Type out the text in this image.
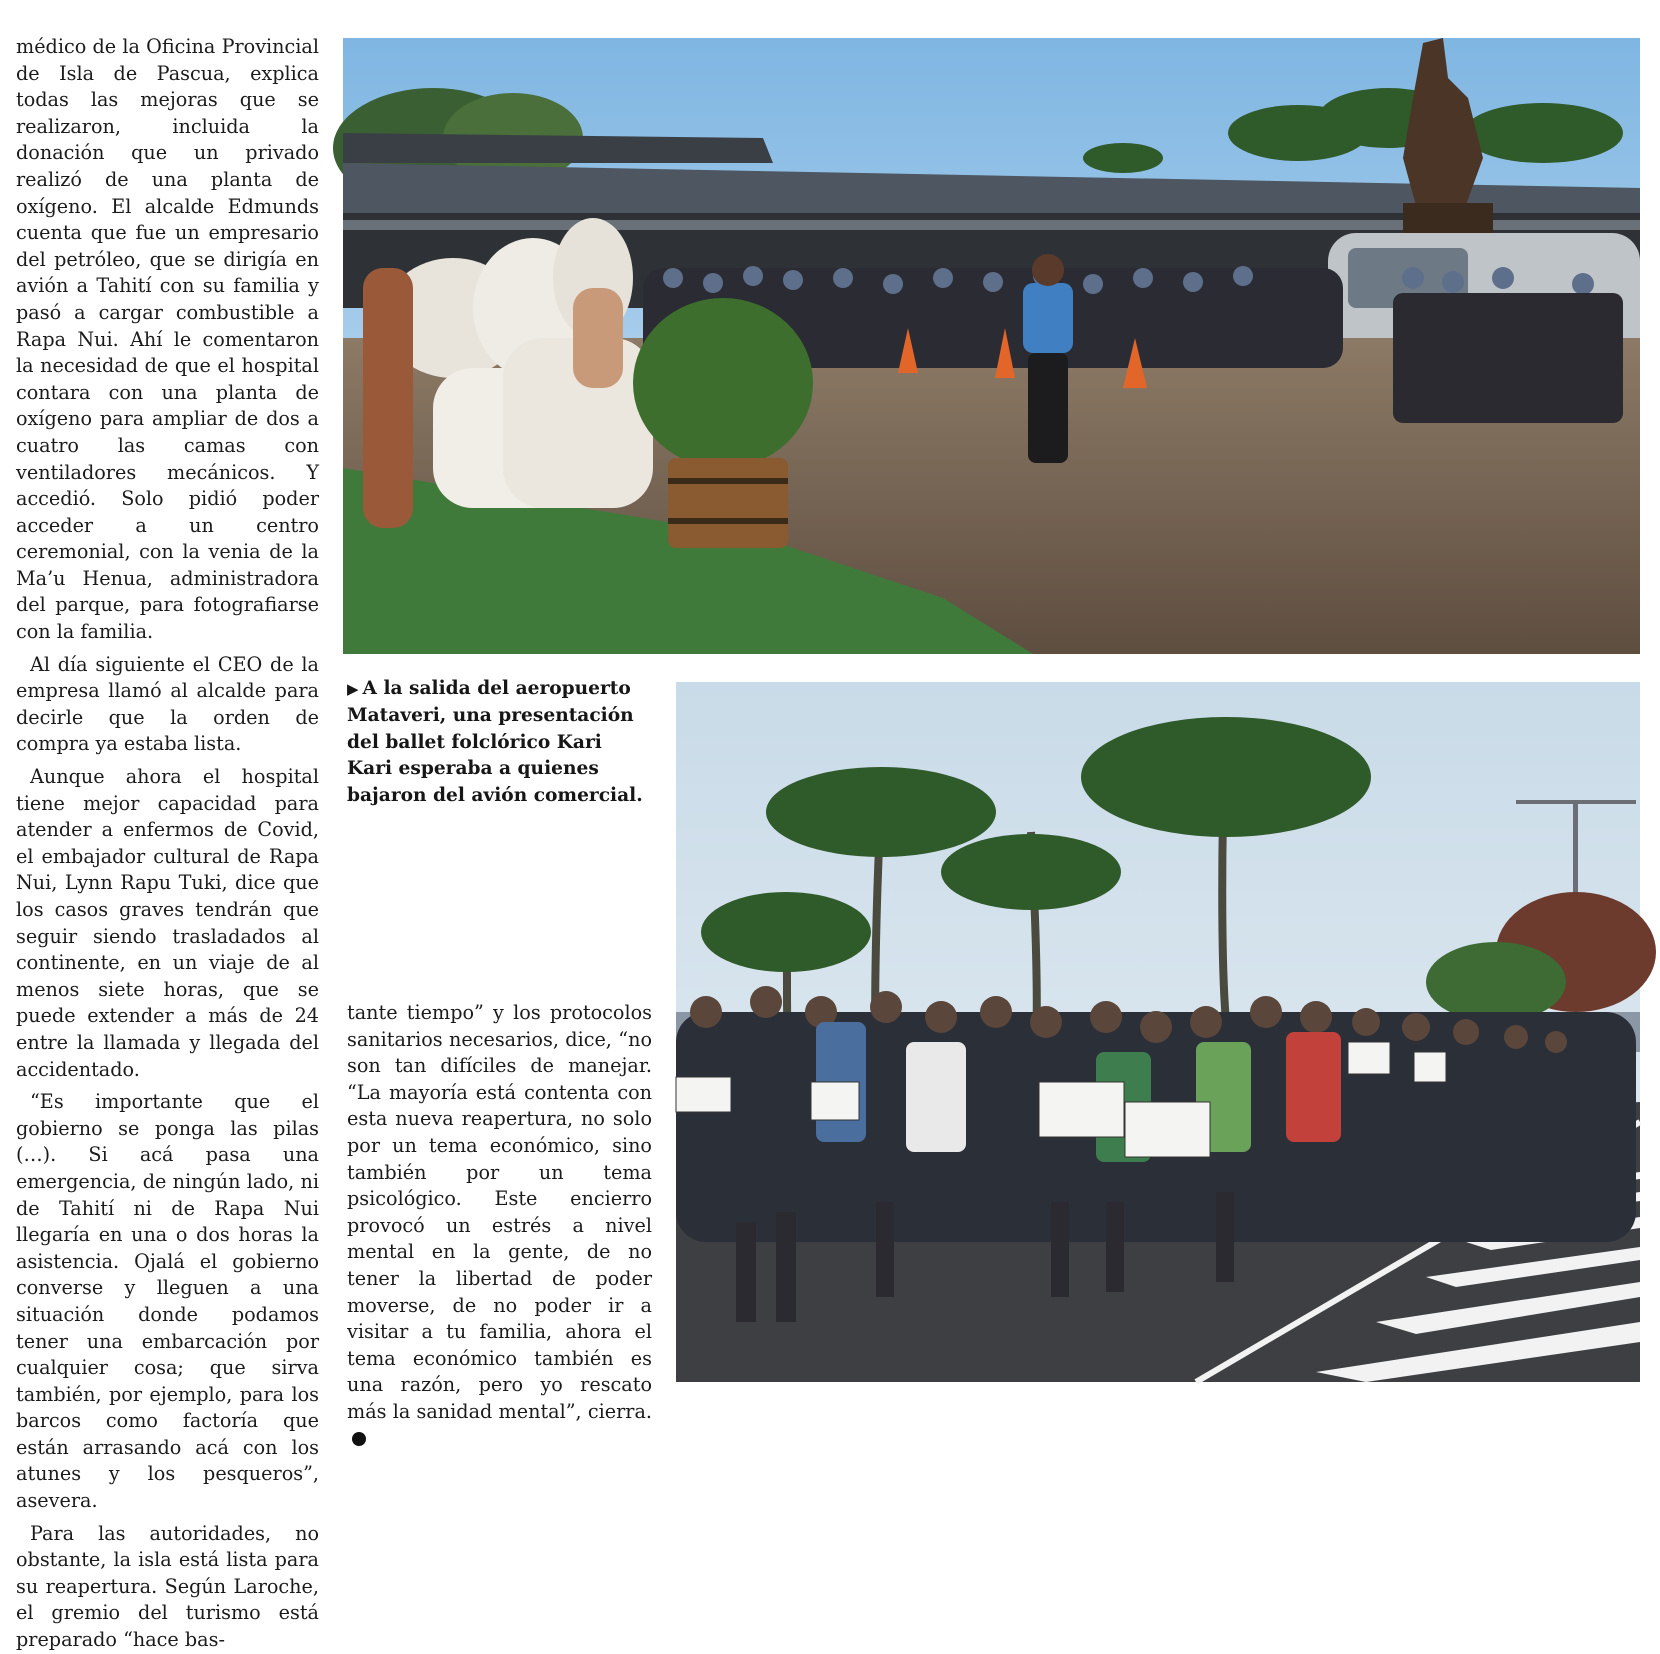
médico de la Oficina Provincial de Isla de Pascua, explica todas las mejoras que se realizaron, incluida la donación que un privado realizó de una planta de oxígeno. El alcalde Edmunds cuenta que fue un empresario del petróleo, que se dirigía en avión a Tahití con su familia y pasó a cargar combustible a Rapa Nui. Ahí le comentaron la necesidad de que el hospital contara con una planta de oxígeno para ampliar de dos a cuatro las camas con ventiladores mecánicos. Y accedió. Solo pidió poder acceder a un centro ceremonial, con la venia de la Ma’u Henua, administradora del parque, para fotografiarse con la familia.

Al día siguiente el CEO de la empresa llamó al alcalde para decirle que la orden de compra ya estaba lista.

Aunque ahora el hospital tiene mejor capacidad para atender a enfermos de Covid, el embajador cultural de Rapa Nui, Lynn Rapu Tuki, dice que los casos graves tendrán que seguir siendo trasladados al continente, en un viaje de al menos siete horas, que se puede extender a más de 24 entre la llamada y llegada del accidentado.

“Es importante que el gobierno se ponga las pilas (…). Si acá pasa una emergencia, de ningún lado, ni de Tahití ni de Rapa Nui llegaría en una o dos horas la asistencia. Ojalá el gobierno converse y lleguen a una situación donde podamos tener una embarcación por cualquier cosa; que sirva también, por ejemplo, para los barcos como factoría que están arrasando acá con los atunes y los pesqueros”, asevera.

Para las autoridades, no obstante, la isla está lista para su reapertura. Según Laroche, el gremio del turismo está preparado “hace bas-

▶ A la salida del aeropuerto Mataveri, una presentación del ballet folclórico Kari Kari esperaba a quienes bajaron del avión comercial.

tante tiempo” y los protocolos sanitarios necesarios, dice, “no son tan difíciles de manejar. “La mayoría está contenta con esta nueva reapertura, no solo por un tema económico, sino también por un tema psicológico. Este encierro provocó un estrés a nivel mental en la gente, de no tener la libertad de poder moverse, de no poder ir a visitar a tu familia, ahora el tema económico también es una razón, pero yo rescato más la sanidad mental”, cierra.
